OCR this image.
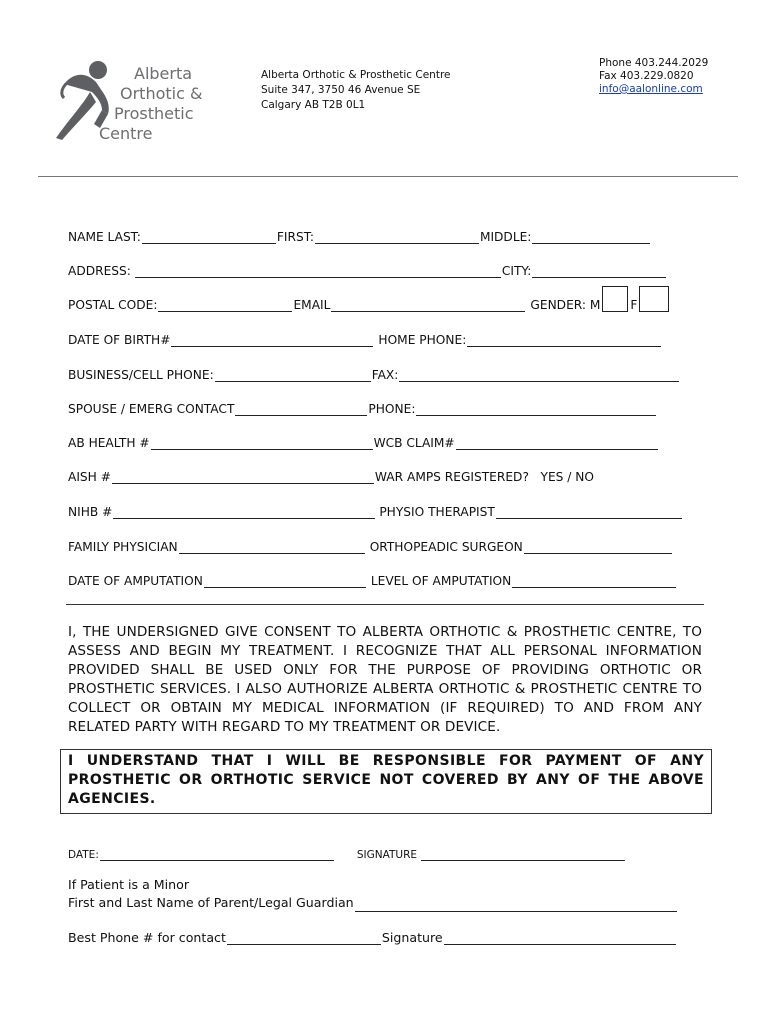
Alberta
Orthotic &
Prosthetic
Centre
Alberta Orthotic & Prosthetic Centre
Suite 347, 3750 46 Avenue SE
Calgary AB T2B 0L1
Phone 403.244.2029
Fax 403.229.0820
info@aalonline.com
NAME LAST:	FIRST:	MIDDLE:
ADDRESS:	CITY:
POSTAL CODE:	EMAIL	GENDER: M F
DATE OF BIRTH#	HOME PHONE:
BUSINESS/CELL PHONE:	FAX:
SPOUSE / EMERG CONTACT	PHONE:
AB HEALTH #	WCB CLAIM#
AISH #	WAR AMPS REGISTERED?   YES / NO
NIHB #	PHYSIO THERAPIST
FAMILY PHYSICIAN	ORTHOPEADIC SURGEON
DATE OF AMPUTATION	LEVEL OF AMPUTATION
I, THE UNDERSIGNED GIVE CONSENT TO ALBERTA ORTHOTIC & PROSTHETIC CENTRE, TO ASSESS AND BEGIN MY TREATMENT. I RECOGNIZE THAT ALL PERSONAL INFORMATION PROVIDED SHALL BE USED ONLY FOR THE PURPOSE OF PROVIDING ORTHOTIC OR PROSTHETIC SERVICES. I ALSO AUTHORIZE ALBERTA ORTHOTIC & PROSTHETIC CENTRE TO COLLECT OR OBTAIN MY MEDICAL INFORMATION (IF REQUIRED) TO AND FROM ANY RELATED PARTY WITH REGARD TO MY TREATMENT OR DEVICE.
I UNDERSTAND THAT I WILL BE RESPONSIBLE FOR PAYMENT OF ANY PROSTHETIC OR ORTHOTIC SERVICE NOT COVERED BY ANY OF THE ABOVE AGENCIES.
DATE:	SIGNATURE
If Patient is a Minor
First and Last Name of Parent/Legal Guardian
Best Phone # for contact	Signature
